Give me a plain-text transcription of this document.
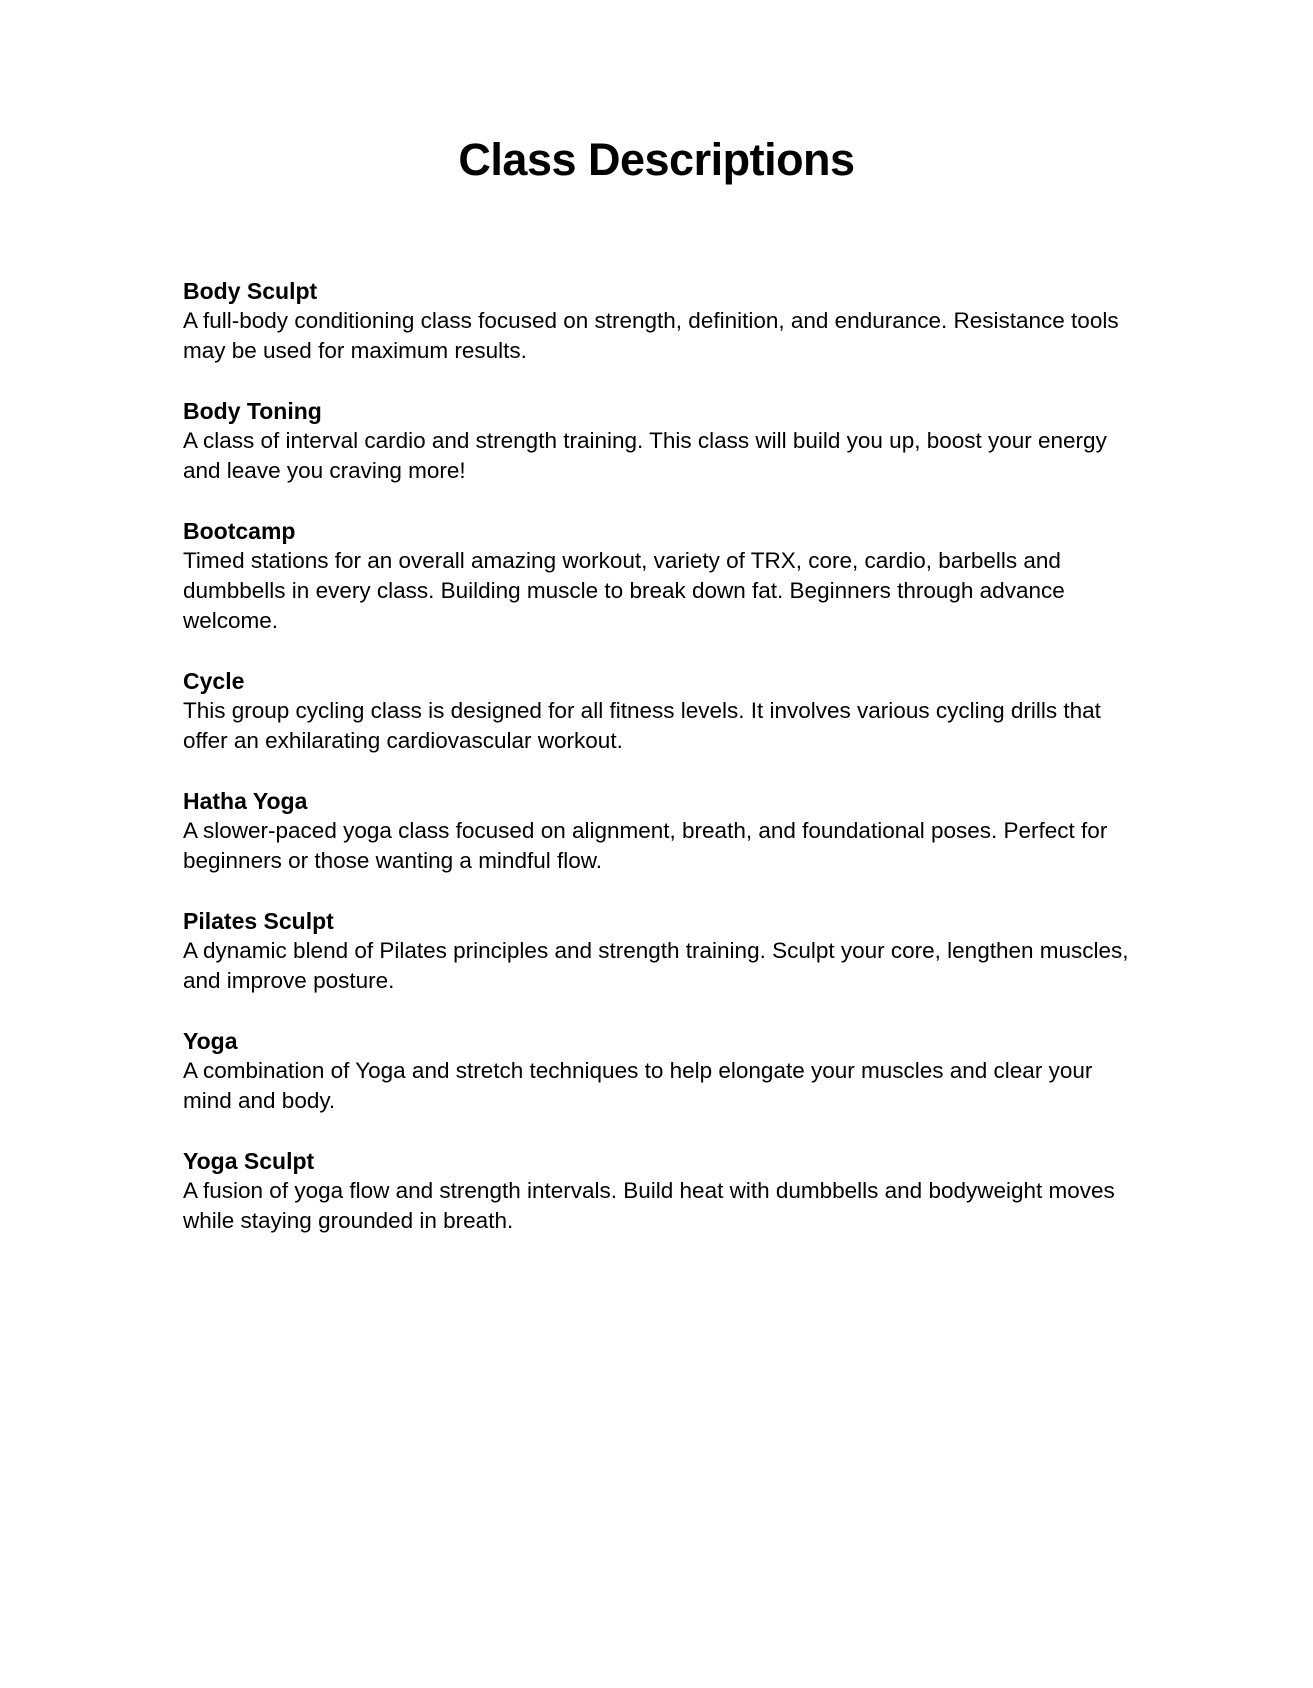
Class Descriptions

Body Sculpt

A full-body conditioning class focused on strength, definition, and endurance. Resistance tools may be used for maximum results.

Body Toning

A class of interval cardio and strength training. This class will build you up, boost your energy and leave you craving more!

Bootcamp

Timed stations for an overall amazing workout, variety of TRX, core, cardio, barbells and dumbbells in every class. Building muscle to break down fat. Beginners through advance welcome.

Cycle

This group cycling class is designed for all fitness levels. It involves various cycling drills that offer an exhilarating cardiovascular workout.

Hatha Yoga

A slower-paced yoga class focused on alignment, breath, and foundational poses. Perfect for beginners or those wanting a mindful flow.

Pilates Sculpt

A dynamic blend of Pilates principles and strength training. Sculpt your core, lengthen muscles, and improve posture.

Yoga

A combination of Yoga and stretch techniques to help elongate your muscles and clear your mind and body.

Yoga Sculpt

A fusion of yoga flow and strength intervals. Build heat with dumbbells and bodyweight moves while staying grounded in breath.
